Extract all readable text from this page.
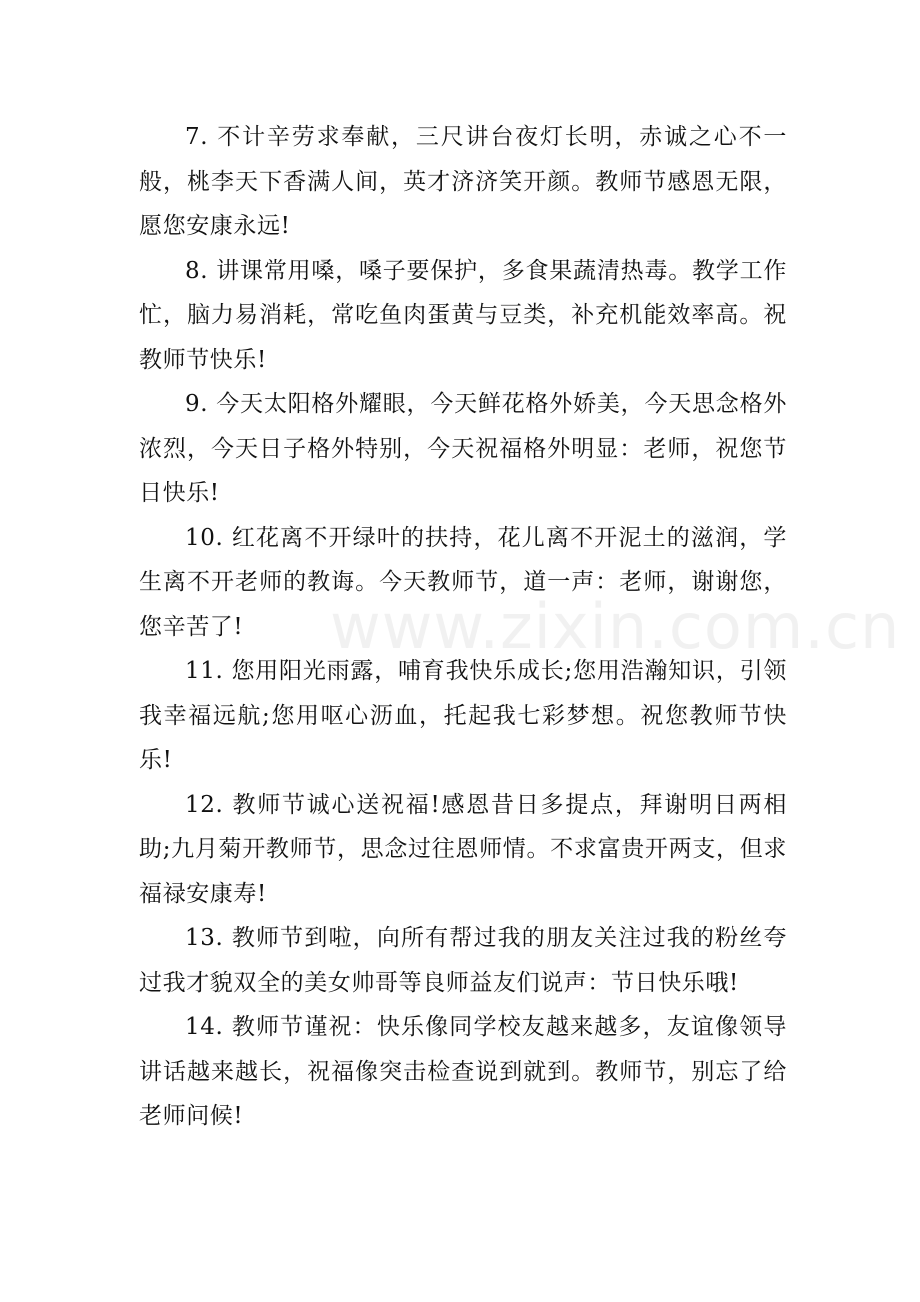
7. 不计辛劳求奉献，三尺讲台夜灯长明，赤诚之心不一般，桃李天下香满人间，英才济济笑开颜。教师节感恩无限，愿您安康永远!

8. 讲课常用嗓，嗓子要保护，多食果蔬清热毒。教学工作忙，脑力易消耗，常吃鱼肉蛋黄与豆类，补充机能效率高。祝教师节快乐!

9. 今天太阳格外耀眼，今天鲜花格外娇美，今天思念格外浓烈，今天日子格外特别，今天祝福格外明显：老师，祝您节日快乐!

10. 红花离不开绿叶的扶持，花儿离不开泥土的滋润，学生离不开老师的教诲。今天教师节，道一声：老师，谢谢您，您辛苦了!

11. 您用阳光雨露，哺育我快乐成长;您用浩瀚知识，引领我幸福远航;您用呕心沥血，托起我七彩梦想。祝您教师节快乐!

12. 教师节诚心送祝福!感恩昔日多提点，拜谢明日两相助;九月菊开教师节，思念过往恩师情。不求富贵开两支，但求福禄安康寿!

13. 教师节到啦，向所有帮过我的朋友关注过我的粉丝夸过我才貌双全的美女帅哥等良师益友们说声：节日快乐哦!

14. 教师节谨祝：快乐像同学校友越来越多，友谊像领导讲话越来越长，祝福像突击检查说到就到。教师节，别忘了给老师问候!

www.zixin.com.cn
